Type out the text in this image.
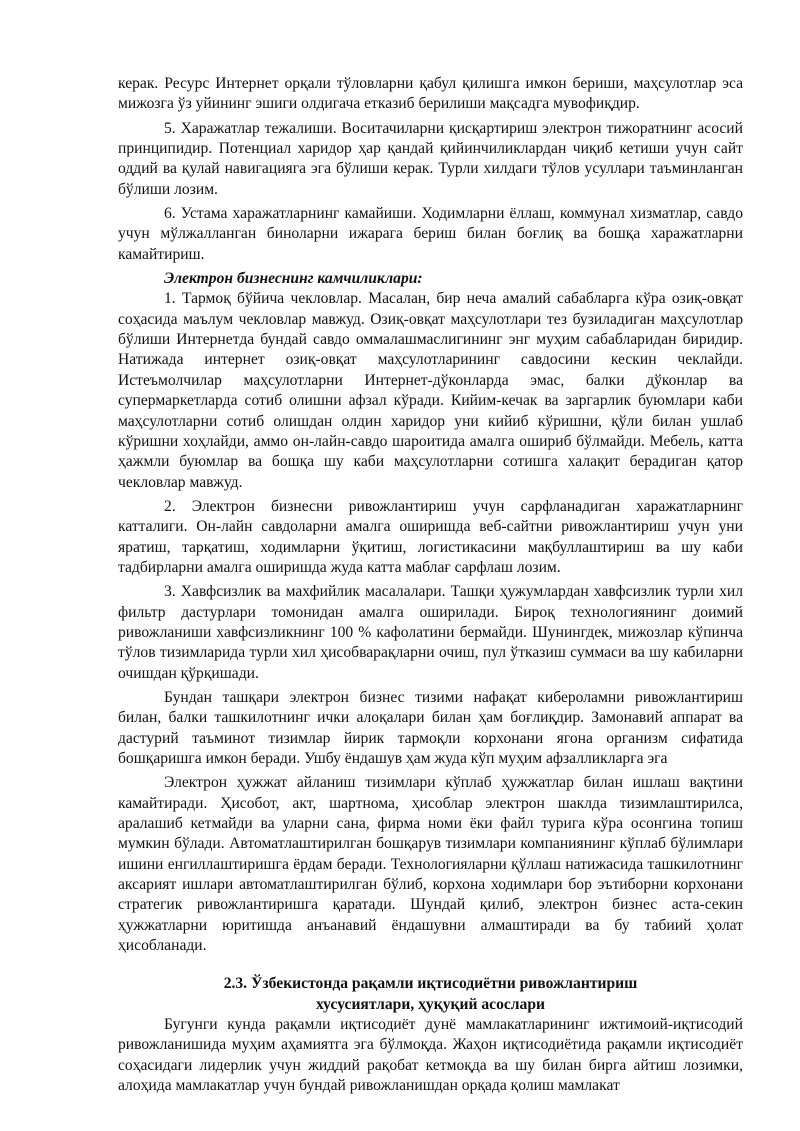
керак. Ресурс Интернет орқали тўловларни қабул қилишга имкон бериши, маҳсулотлар эса мижозга ўз уйининг эшиги олдигача етказиб берилиши мақсадга мувофиқдир.

5. Харажатлар тежалиши. Воситачиларни қисқартириш электрон тижоратнинг асосий принципидир. Потенциал харидор ҳар қандай қийинчиликлардан чиқиб кетиши учун сайт оддий ва қулай навигацияга эга бўлиши керак. Турли хилдаги тўлов усуллари таъминланган бўлиши лозим.

6. Устама харажатларнинг камайиши. Ходимларни ёллаш, коммунал хизматлар, савдо учун мўлжалланган биноларни ижарага бериш билан боғлиқ ва бошқа харажатларни камайтириш.

Электрон бизнеснинг камчиликлари:

1. Тармоқ бўйича чекловлар. Масалан, бир неча амалий сабабларга кўра озиқ-овқат соҳасида маълум чекловлар мавжуд. Озиқ-овқат маҳсулотлари тез бузиладиган маҳсулотлар бўлиши Интернетда бундай савдо оммалашмаслигининг энг муҳим сабабларидан биридир. Натижада интернет озиқ-овқат маҳсулотларининг савдосини кескин чеклайди. Истеъмолчилар маҳсулотларни Интернет-дўконларда эмас, балки дўконлар ва супермаркетларда сотиб олишни афзал кўради. Кийим-кечак ва заргарлик буюмлари каби маҳсулотларни сотиб олишдан олдин харидор уни кийиб кўришни, қўли билан ушлаб кўришни хоҳлайди, аммо он-лайн-савдо шароитида амалга ошириб бўлмайди. Мебель, катта ҳажмли буюмлар ва бошқа шу каби маҳсулотларни сотишга халақит берадиган қатор чекловлар мавжуд.

2. Электрон бизнесни ривожлантириш учун сарфланадиган харажатларнинг катталиги. Он-лайн савдоларни амалга оширишда веб-сайтни ривожлантириш учун уни яратиш, тарқатиш, ходимларни ўқитиш, логистикасини мақбуллаштириш ва шу каби тадбирларни амалга оширишда жуда катта маблағ сарфлаш лозим.

3. Хавфсизлик ва махфийлик масалалари. Ташқи ҳужумлардан хавфсизлик турли хил фильтр дастурлари томонидан амалга оширилади. Бироқ технологиянинг доимий ривожланиши хавфсизликнинг 100 % кафолатини бермайди. Шунингдек, мижозлар кўпинча тўлов тизимларида турли хил ҳисобварақларни очиш, пул ўтказиш суммаси ва шу кабиларни очишдан қўрқишади.

Бундан ташқари электрон бизнес тизими нафақат кибероламни ривожлантириш билан, балки ташкилотнинг ички алоқалари билан ҳам боғлиқдир. Замонавий аппарат ва дастурий таъминот тизимлар йирик тармоқли корхонани ягона организм сифатида бошқаришга имкон беради. Ушбу ёндашув ҳам жуда кўп муҳим афзалликларга эга

Электрон ҳужжат айланиш тизимлари кўплаб ҳужжатлар билан ишлаш вақтини камайтиради. Ҳисобот, акт, шартнома, ҳисоблар электрон шаклда тизимлаштирилса, аралашиб кетмайди ва уларни сана, фирма номи ёки файл турига кўра осонгина топиш мумкин бўлади. Автоматлаштирилган бошқарув тизимлари компаниянинг кўплаб бўлимлари ишини енгиллаштиришга ёрдам беради. Технологияларни қўллаш натижасида ташкилотнинг аксарият ишлари автоматлаштирилган бўлиб, корхона ходимлари бор эътиборни корхонани стратегик ривожлантиришга қаратади. Шундай қилиб, электрон бизнес аста-секин ҳужжатларни юритишда анъанавий ёндашувни алмаштиради ва бу табиий ҳолат ҳисобланади.

2.3. Ўзбекистонда рақамли иқтисодиётни ривожлантириш
хусусиятлари, ҳуқуқий асослари

Бугунги кунда рақамли иқтисодиёт дунё мамлакатларининг ижтимоий-иқтисодий ривожланишида муҳим аҳамиятга эга бўлмоқда. Жаҳон иқтисодиётида рақамли иқтисодиёт соҳасидаги лидерлик учун жиддий рақобат кетмоқда ва шу билан бирга айтиш лозимки, алоҳида мамлакатлар учун бундай ривожланишдан орқада қолиш мамлакат
